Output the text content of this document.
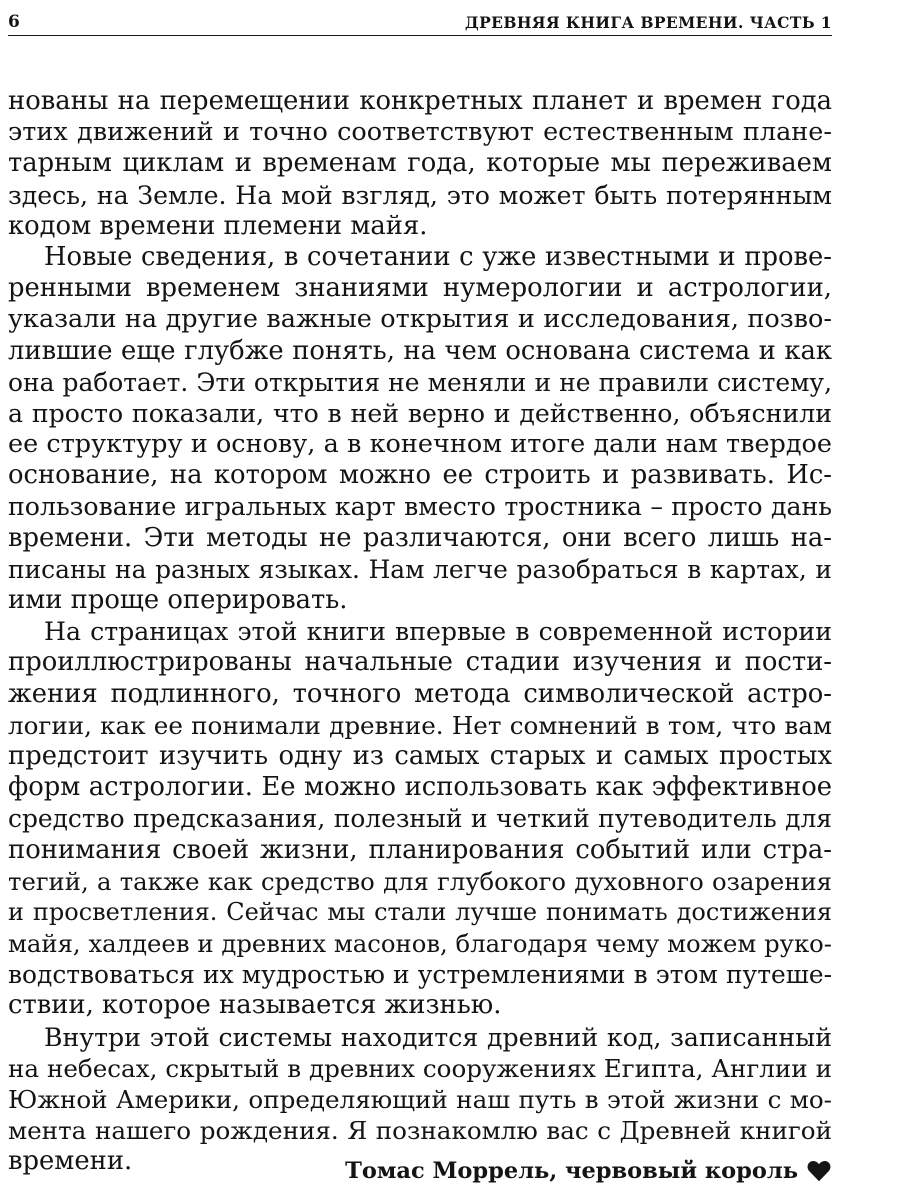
6	ДРЕВНЯЯ КНИГА ВРЕМЕНИ. ЧАСТЬ 1
нованы на перемещении конкретных планет и времен года
этих движений и точно соответствуют естественным плане-
тарным циклам и временам года, которые мы переживаем
здесь, на Земле. На мой взгляд, это может быть потерянным
кодом времени племени майя.
Новые сведения, в сочетании с уже известными и прове-
ренными временем знаниями нумерологии и астрологии,
указали на другие важные открытия и исследования, позво-
лившие еще глубже понять, на чем основана система и как
она работает. Эти открытия не меняли и не правили систему,
а просто показали, что в ней верно и действенно, объяснили
ее структуру и основу, а в конечном итоге дали нам твердое
основание, на котором можно ее строить и развивать. Ис-
пользование игральных карт вместо тростника – просто дань
времени. Эти методы не различаются, они всего лишь на-
писаны на разных языках. Нам легче разобраться в картах, и
ими проще оперировать.
На страницах этой книги впервые в современной истории
проиллюстрированы начальные стадии изучения и пости-
жения подлинного, точного метода символической астро-
логии, как ее понимали древние. Нет сомнений в том, что вам
предстоит изучить одну из самых старых и самых простых
форм астрологии. Ее можно использовать как эффективное
средство предсказания, полезный и четкий путеводитель для
понимания своей жизни, планирования событий или стра-
тегий, а также как средство для глубокого духовного озарения
и просветления. Сейчас мы стали лучше понимать достижения
майя, халдеев и древних масонов, благодаря чему можем руко-
водствоваться их мудростью и устремлениями в этом путеше-
ствии, которое называется жизнью.
Внутри этой системы находится древний код, записанный
на небесах, скрытый в древних сооружениях Египта, Англии и
Южной Америки, определяющий наш путь в этой жизни с мо-
мента нашего рождения. Я познакомлю вас с Древней книгой
времени.	Томас Моррель, червовый король
